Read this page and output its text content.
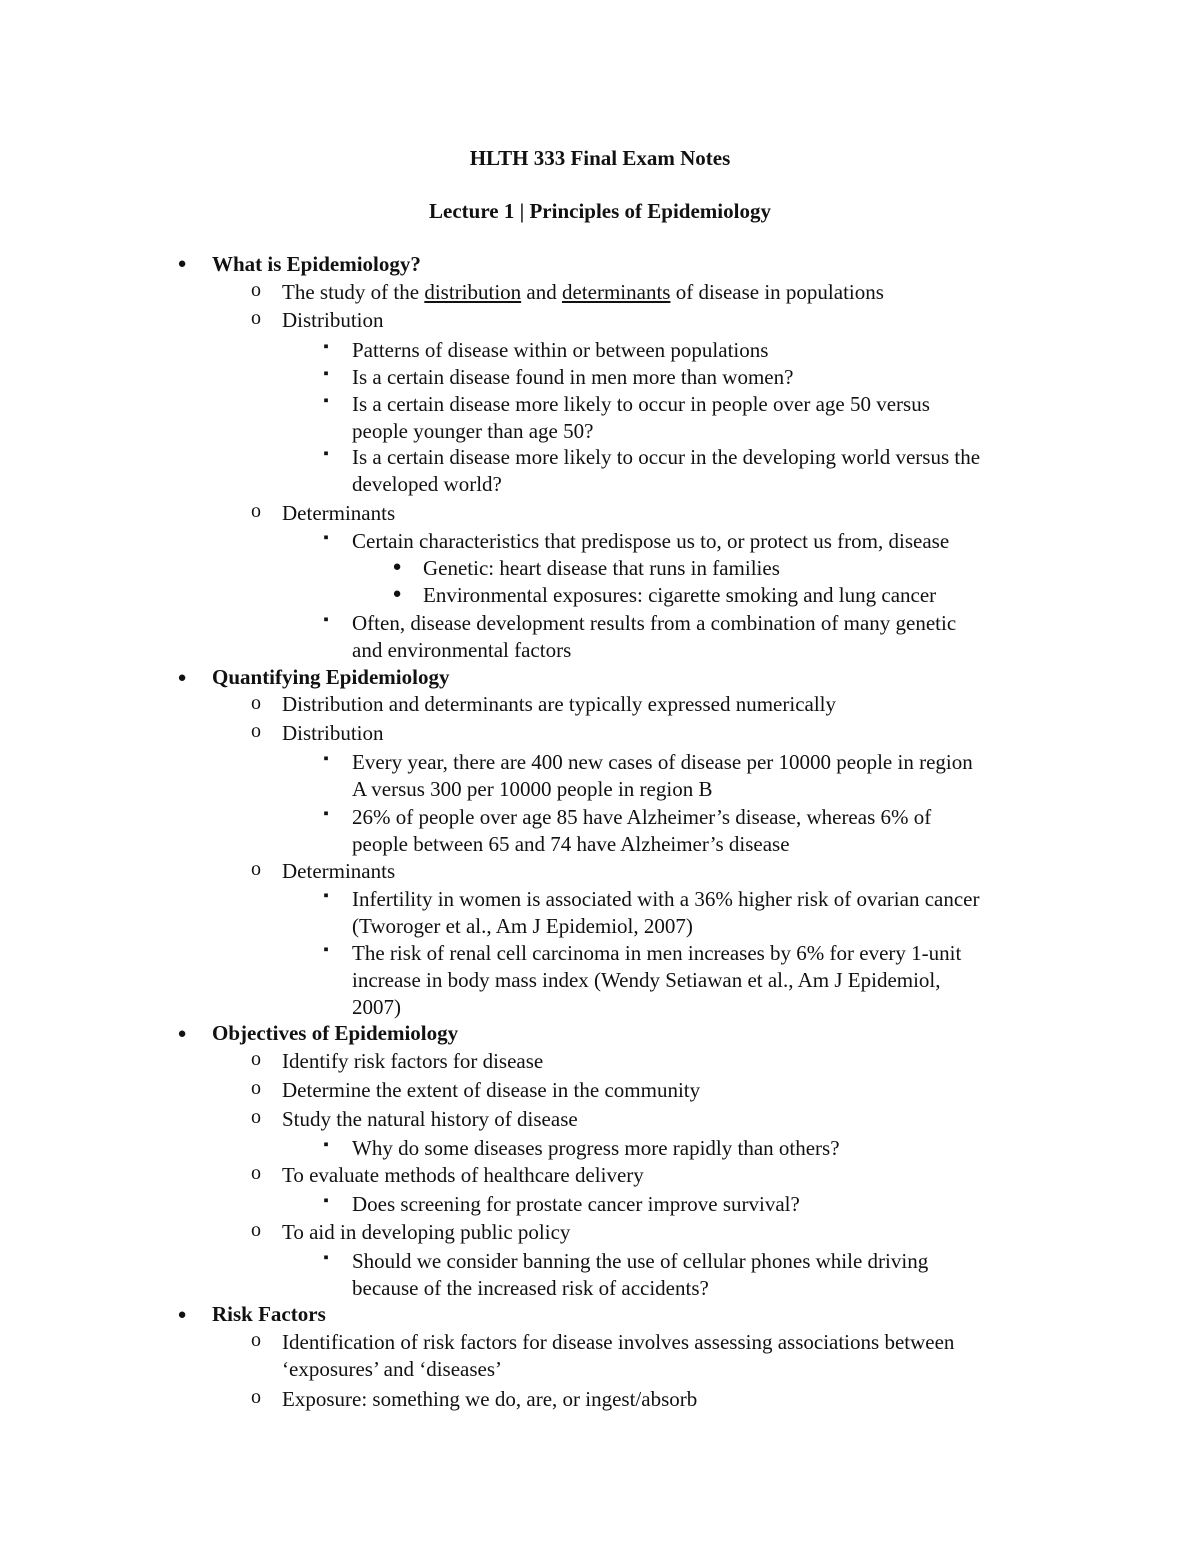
HLTH 333 Final Exam Notes
Lecture 1 | Principles of Epidemiology
● What is Epidemiology?
o The study of the distribution and determinants of disease in populations
o Distribution
▪	Patterns of disease within or between populations
▪	Is a certain disease found in men more than women?
▪	Is a certain disease more likely to occur in people over age 50 versus
people younger than age 50?
▪	Is a certain disease more likely to occur in the developing world versus the
developed world?
o Determinants
▪	Certain characteristics that predispose us to, or protect us from, disease
● Genetic: heart disease that runs in families
● Environmental exposures: cigarette smoking and lung cancer
▪	Often, disease development results from a combination of many genetic
and environmental factors
● Quantifying Epidemiology
o Distribution and determinants are typically expressed numerically
o Distribution
▪	Every year, there are 400 new cases of disease per 10000 people in region
A versus 300 per 10000 people in region B
▪	26% of people over age 85 have Alzheimer’s disease, whereas 6% of
people between 65 and 74 have Alzheimer’s disease
o Determinants
▪	Infertility in women is associated with a 36% higher risk of ovarian cancer
(Tworoger et al., Am J Epidemiol, 2007)
▪	The risk of renal cell carcinoma in men increases by 6% for every 1-unit
increase in body mass index (Wendy Setiawan et al., Am J Epidemiol,
2007)
● Objectives of Epidemiology
o Identify risk factors for disease
o Determine the extent of disease in the community
o Study the natural history of disease
▪	Why do some diseases progress more rapidly than others?
o To evaluate methods of healthcare delivery
▪	Does screening for prostate cancer improve survival?
o To aid in developing public policy
▪	Should we consider banning the use of cellular phones while driving
because of the increased risk of accidents?
● Risk Factors
o Identification of risk factors for disease involves assessing associations between
‘exposures’ and ‘diseases’
o Exposure: something we do, are, or ingest/absorb
